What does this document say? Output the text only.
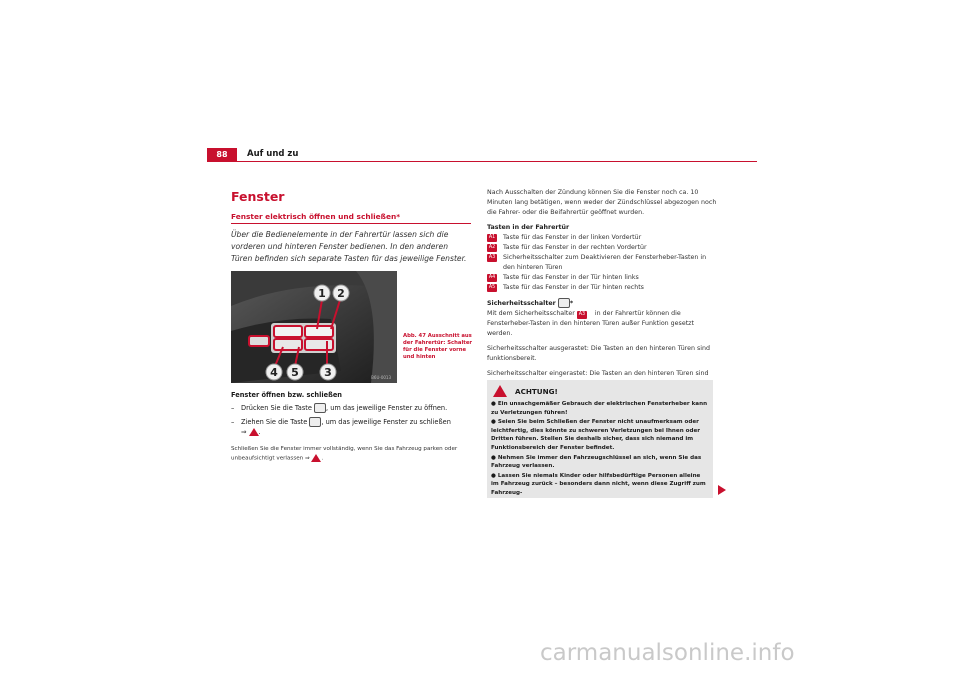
88	Auf und zu
Fenster
Fenster elektrisch öffnen und schließen*
Über die Bedienelemente in der Fahrertür lassen sich die vorderen und hinteren Fenster bedienen. In den anderen Türen befinden sich separate Tasten für das jeweilige Fenster.
1 2
3
4 5	B6U-0013
Abb. 47 Ausschnitt aus der Fahrertür: Schalter für die Fenster vorne und hinten
Fenster öffnen bzw. schließen
– Drücken Sie die Taste , um das jeweilige Fenster zu öffnen.
– Ziehen Sie die Taste , um das jeweilige Fenster zu schließen
⇒ .
Schließen Sie die Fenster immer vollständig, wenn Sie das Fahrzeug parken oder unbeaufsichtigt verlassen ⇒ .

Nach Ausschalten der Zündung können Sie die Fenster noch ca. 10 Minuten lang betätigen, wenn weder der Zündschlüssel abgezogen noch die Fahrer- oder die Beifahrertür geöffnet wurden.

Tasten in der Fahrertür
A1 Taste für das Fenster in der linken Vordertür
A2 Taste für das Fenster in der rechten Vordertür
A3 Sicherheitsschalter zum Deaktivieren der Fensterheber-Tasten in den hinteren Türen
A4 Taste für das Fenster in der Tür hinten links
A5 Taste für das Fenster in der Tür hinten rechts
Sicherheitsschalter *

Mit dem Sicherheitsschalter A3 in der Fahrertür können die Fensterheber-Tasten in den hinteren Türen außer Funktion gesetzt werden.

Sicherheitsschalter ausgerastet: Die Tasten an den hinteren Türen sind funktionsbereit.

Sicherheitsschalter eingerastet: Die Tasten an den hinteren Türen sind

ACHTUNG!
● Ein unsachgemäßer Gebrauch der elektrischen Fensterheber kann zu Verletzungen führen!
● Seien Sie beim Schließen der Fenster nicht unaufmerksam oder leichtfertig, dies könnte zu schweren Verletzungen bei Ihnen oder Dritten führen. Stellen Sie deshalb sicher, dass sich niemand im Funktionsbereich der Fenster befindet.
● Nehmen Sie immer den Fahrzeugschlüssel an sich, wenn Sie das Fahrzeug verlassen.
● Lassen Sie niemals Kinder oder hilfsbedürftige Personen alleine im Fahrzeug zurück – besonders dann nicht, wenn diese Zugriff zum Fahrzeug-
carmanualsonline.info
